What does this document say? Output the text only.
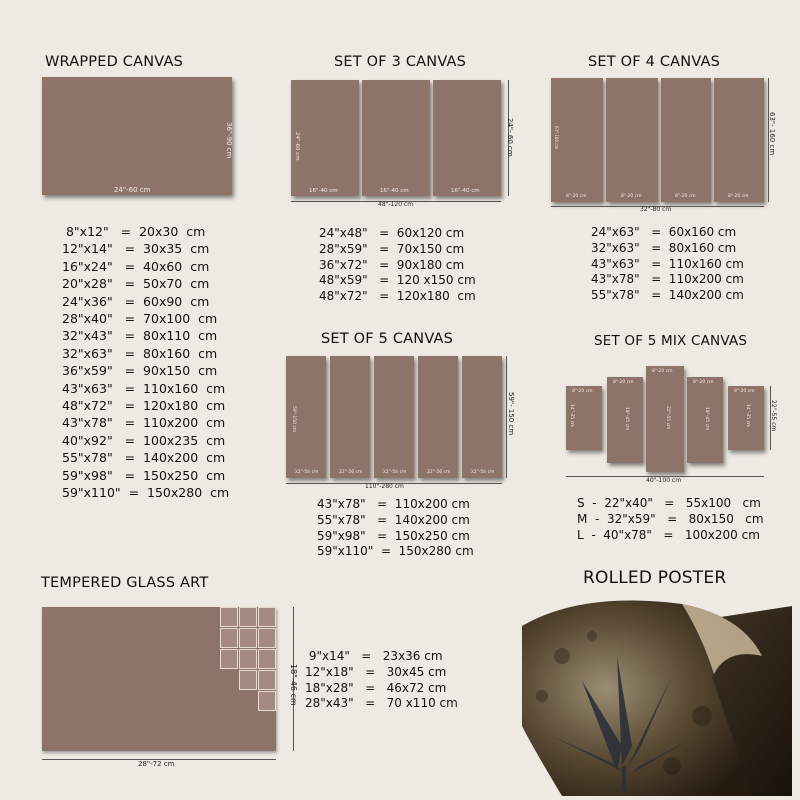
WRAPPED CANVAS
24"-60 cm
36"-90 cm
8"x12"   =  20x30  cm
12"x14"   =  30x35  cm
16"x24"   =  40x60  cm
20"x28"   =  50x70  cm
24"x36"   =  60x90  cm
28"x40"   =  70x100  cm
32"x43"   =  80x110  cm
32"x63"   =  80x160  cm
36"x59"   =  90x150  cm
43"x63"   =  110x160  cm
48"x72"   =  120x180  cm
43"x78"   =  110x200  cm
40"x92"   =  100x235  cm
55"x78"   =  140x200  cm
59"x98"   =  150x250  cm
59"x110"  =  150x280  cm
SET OF 3 CANVAS
24"-60 cm
16"-40 cm	16"-40 cm	16"-40 cm
24"- 60 cm
48"-120 cm
24"x48"   =  60x120 cm
28"x59"   =  70x150 cm
36"x72"   =  90x180 cm
48"x59"   =  120 x150 cm
48"x72"   =  120x180  cm
SET OF 4 CANVAS
63"-160 cm
8"-20 cm	8"-20 cm	8"-20 cm	8"-20 cm
63"- 160 cm
32"-80 cm
24"x63"   =  60x160 cm
32"x63"   =  80x160 cm
43"x63"   =  110x160 cm
43"x78"   =  110x200 cm
55"x78"   =  140x200 cm
SET OF 5 CANVAS
59"-150 cm
22"-56 cm	22"-56 cm	22"-56 cm	22"-56 cm	22"-56 cm
59"- 150 cm
110"-280 cm
43"x78"   =  110x200 cm
55"x78"   =  140x200 cm
59"x98"   =  150x250 cm
59"x110"  =  150x280 cm
SET OF 5 MIX CANVAS
8"-20 cm
14"-35 cm
8"-20 cm
18"-45 cm
8"-20 cm
22"-55 cm
8"-20 cm
18"-45 cm
8"-20 cm
14"-35 cm	22"-55 cm
40"-100 cm
S  -  22"x40"   =   55x100   cm
M  -  32"x59"   =   80x150   cm
L  -  40"x78"   =   100x200 cm
TEMPERED GLASS ART
18"-46 cm
28"-72 cm
9"x14"   =   23x36 cm
12"x18"   =   30x45 cm
18"x28"   =   46x72 cm
28"x43"   =   70 x110 cm
ROLLED POSTER
